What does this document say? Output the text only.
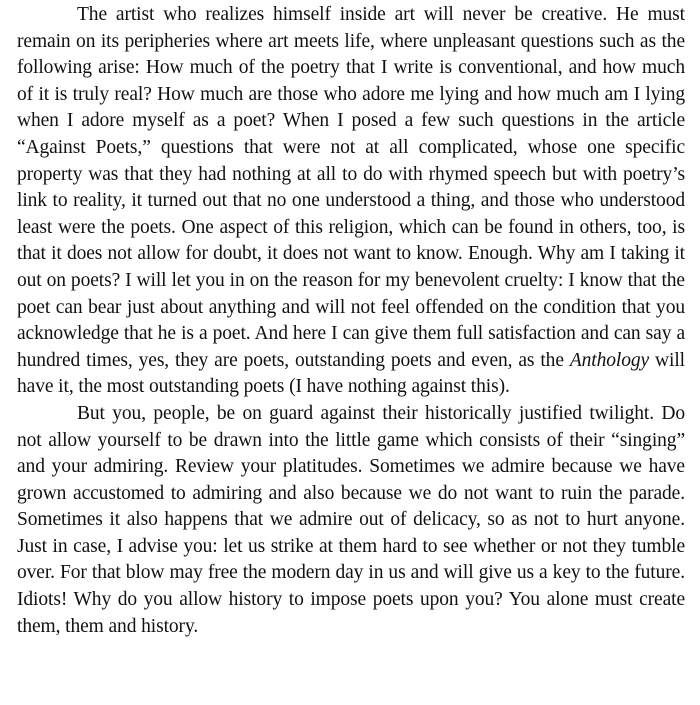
The artist who realizes himself inside art will never be creative. He must remain on its peripheries where art meets life, where unpleasant questions such as the following arise: How much of the poetry that I write is conventional, and how much of it is truly real? How much are those who adore me lying and how much am I lying when I adore myself as a poet? When I posed a few such questions in the article “Against Poets,” questions that were not at all complicated, whose one specific property was that they had nothing at all to do with rhymed speech but with poetry’s link to reality, it turned out that no one understood a thing, and those who understood least were the poets. One aspect of this religion, which can be found in others, too, is that it does not allow for doubt, it does not want to know. Enough. Why am I taking it out on poets? I will let you in on the reason for my benevolent cruelty: I know that the poet can bear just about anything and will not feel offended on the condition that you acknowledge that he is a poet. And here I can give them full satisfaction and can say a hundred times, yes, they are poets, outstanding poets and even, as the Anthology will have it, the most outstanding poets (I have nothing against this).

But you, people, be on guard against their historically justified twilight. Do not allow yourself to be drawn into the little game which consists of their “singing” and your admiring. Review your platitudes. Sometimes we admire because we have grown accustomed to admiring and also because we do not want to ruin the parade. Sometimes it also happens that we admire out of delicacy, so as not to hurt anyone. Just in case, I advise you: let us strike at them hard to see whether or not they tumble over. For that blow may free the modern day in us and will give us a key to the future. Idiots! Why do you allow history to impose poets upon you? You alone must create them, them and history.
